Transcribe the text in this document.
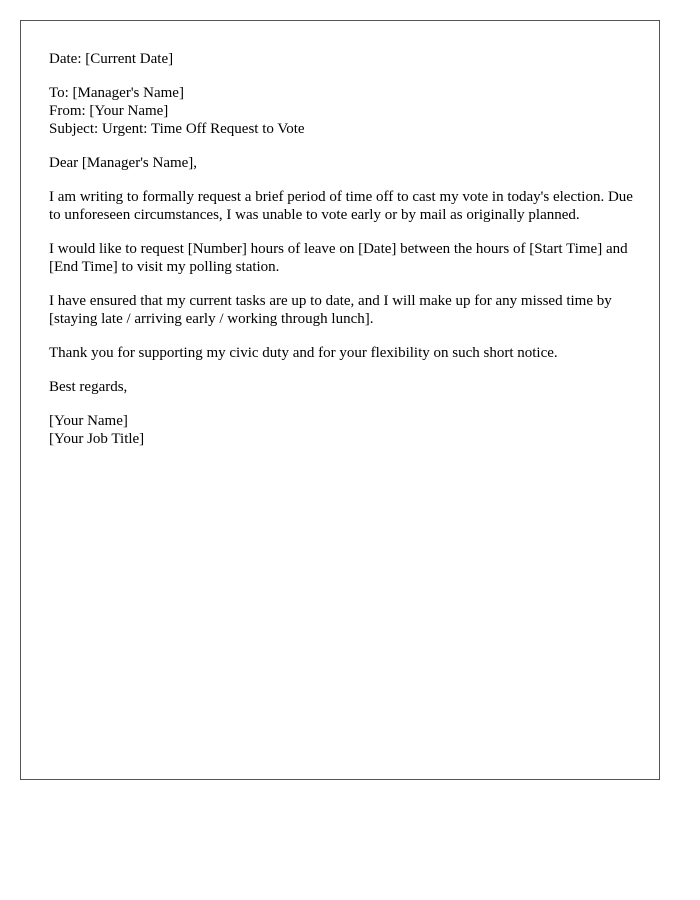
Date: [Current Date]
To: [Manager's Name]
From: [Your Name]
Subject: Urgent: Time Off Request to Vote

Dear [Manager's Name],

I am writing to formally request a brief period of time off to cast my vote in today's election. Due to unforeseen circumstances, I was unable to vote early or by mail as originally planned.

I would like to request [Number] hours of leave on [Date] between the hours of [Start Time] and [End Time] to visit my polling station.

I have ensured that my current tasks are up to date, and I will make up for any missed time by [staying late / arriving early / working through lunch].

Thank you for supporting my civic duty and for your flexibility on such short notice.

Best regards,

[Your Name]
[Your Job Title]
